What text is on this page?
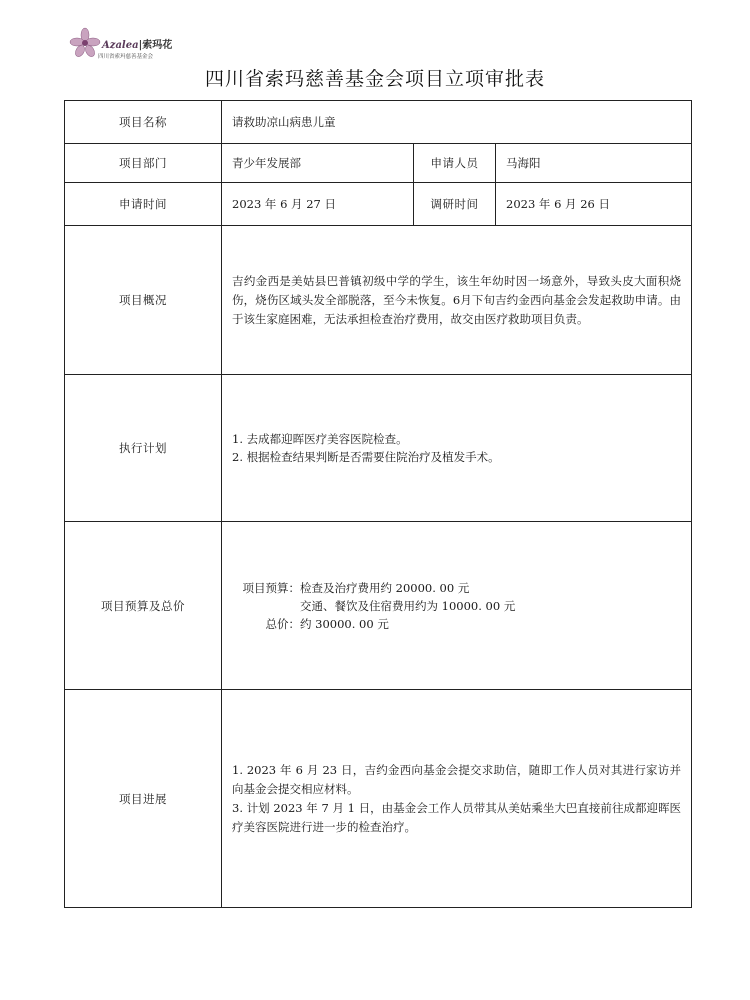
Azalea|索玛花
四川省索玛慈善基金会
四川省索玛慈善基金会项目立项审批表
项目名称	请救助凉山病患儿童		
项目部门	青少年发展部	申请人员	马海阳
申请时间	2023 年 6 月 27 日	调研时间	2023 年 6 月 26 日
项目概况	吉约金西是美姑县巴普镇初级中学的学生，该生年幼时因一场意外，导致头皮大面积烧伤，烧伤区域头发全部脱落，至今未恢复。6月下旬吉约金西向基金会发起救助申请。由于该生家庭困难，无法承担检查治疗费用，故交由医疗救助项目负责。		

执行计划	1. 去成都迎晖医疗美容医院检查。

2. 根据检查结果判断是否需要住院治疗及植发手术。		

项目预算及总价	项目预算： 检查及治疗费用约 20000. 00 元
交通、餐饮及住宿费用约为 10000. 00 元
总价： 约 30000. 00 元		

项目进展	1. 2023 年 6 月 23 日，吉约金西向基金会提交求助信，随即工作人员对其进行家访并向基金会提交相应材料。

3. 计划 2023 年 7 月 1 日，由基金会工作人员带其从美姑乘坐大巴直接前往成都迎晖医疗美容医院进行进一步的检查治疗。		
